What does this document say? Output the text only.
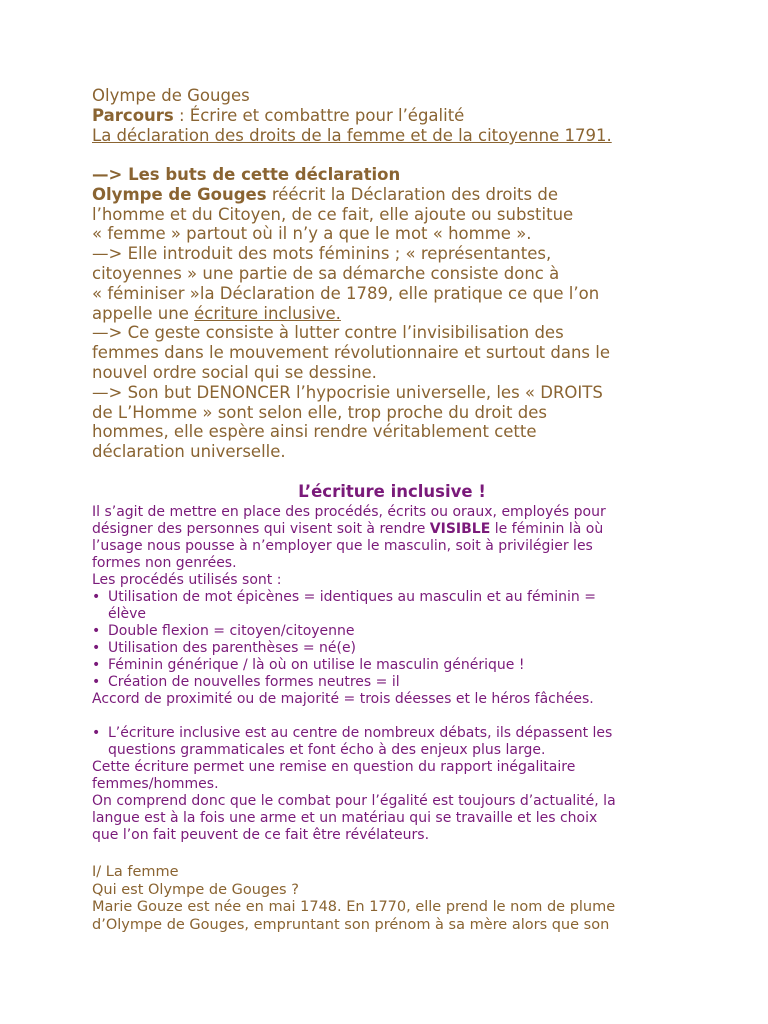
Olympe de Gouges
Parcours : Écrire et combattre pour l’égalité
La déclaration des droits de la femme et de la citoyenne 1791.
—> Les buts de cette déclaration
Olympe de Gouges réécrit la Déclaration des droits de
l’homme et du Citoyen, de ce fait, elle ajoute ou substitue
« femme » partout où il n’y a que le mot « homme ».
—> Elle introduit des mots féminins ; « représentantes,
citoyennes » une partie de sa démarche consiste donc à
« féminiser »la Déclaration de 1789, elle pratique ce que l’on
appelle une écriture inclusive.
—> Ce geste consiste à lutter contre l’invisibilisation des
femmes dans le mouvement révolutionnaire et surtout dans le
nouvel ordre social qui se dessine.
—> Son but DENONCER l’hypocrisie universelle, les « DROITS
de L’Homme » sont selon elle, trop proche du droit des
hommes, elle espère ainsi rendre véritablement cette
déclaration universelle.
L’écriture inclusive !
Il s’agit de mettre en place des procédés, écrits ou oraux, employés pour
désigner des personnes qui visent soit à rendre VISIBLE le féminin là où
l’usage nous pousse à n’employer que le masculin, soit à privilégier les
formes non genrées.
Les procédés utilisés sont :
• Utilisation de mot épicènes = identiques au masculin et au féminin =
élève
• Double flexion = citoyen/citoyenne
• Utilisation des parenthèses = né(e)
• Féminin générique / là où on utilise le masculin générique !
• Création de nouvelles formes neutres = il
Accord de proximité ou de majorité = trois déesses et le héros fâchées.
• L’écriture inclusive est au centre de nombreux débats, ils dépassent les
questions grammaticales et font écho à des enjeux plus large.
Cette écriture permet une remise en question du rapport inégalitaire
femmes/hommes.
On comprend donc que le combat pour l’égalité est toujours d’actualité, la
langue est à la fois une arme et un matériau qui se travaille et les choix
que l’on fait peuvent de ce fait être révélateurs.
I/ La femme
Qui est Olympe de Gouges ?
Marie Gouze est née en mai 1748. En 1770, elle prend le nom de plume
d’Olympe de Gouges, empruntant son prénom à sa mère alors que son
